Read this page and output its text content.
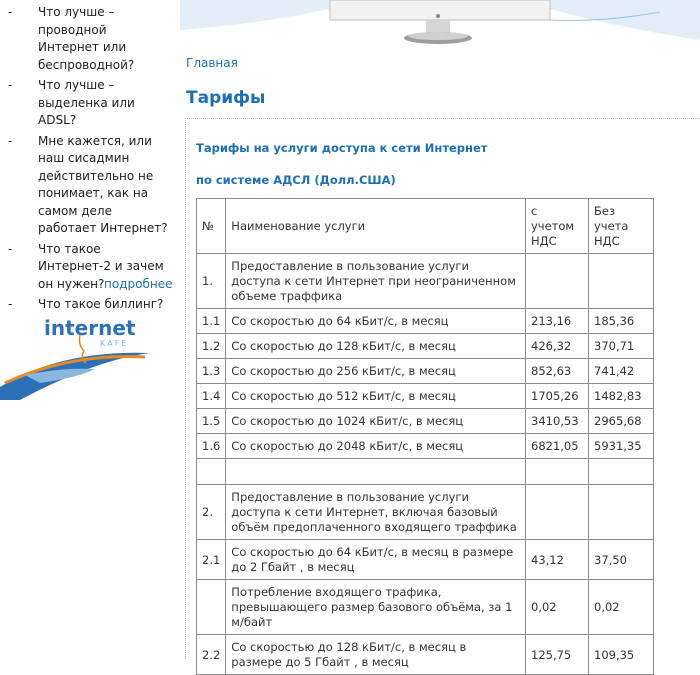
- Что лучше – проводной Интернет или беспроводной?
- Что лучше – выделенка или ADSL?
- Мне кажется, или наш сисадмин действительно не понимает, как на самом деле работает Интернет?
- Что такое Интернет-2 и зачем он нужен?
- Что такое биллинг?
подробнее
internet
KAFE
Главная
Тарифы
Тарифы на услуги доступа к сети Интернет
по системе АДСЛ (Долл.США)
№	Наименование услуги	с учетом НДС	Без учета НДС
1.	Предоставление в пользование услуги доступа к сети Интернет при неограниченном объеме траффика		
1.1	Со скоростью до 64 кБит/с, в месяц	213,16	185,36
1.2	Со скоростью до 128 кБит/с, в месяц	426,32	370,71
1.3	Со скоростью до 256 кБит/с, в месяц	852,63	741,42
1.4	Со скоростью до 512 кБит/с, в месяц	1705,26	1482,83
1.5	Со скоростью до 1024 кБит/с, в месяц	3410,53	2965,68
1.6	Со скоростью до 2048 кБит/с, в месяц	6821,05	5931,35

2.	Предоставление в пользование услуги доступа к сети Интернет, включая базовый объём предоплаченного входящего траффика		
2.1	Со скоростью до 64 кБит/с, в месяц в размере до 2 Гбайт , в месяц	43,12	37,50
	Потребление входящего трафика, превышающего размер базового объёма, за 1 м/байт	0,02	0,02
2.2	Со скоростью до 128 кБит/с, в месяц в размере до 5 Гбайт , в месяц	125,75	109,35
